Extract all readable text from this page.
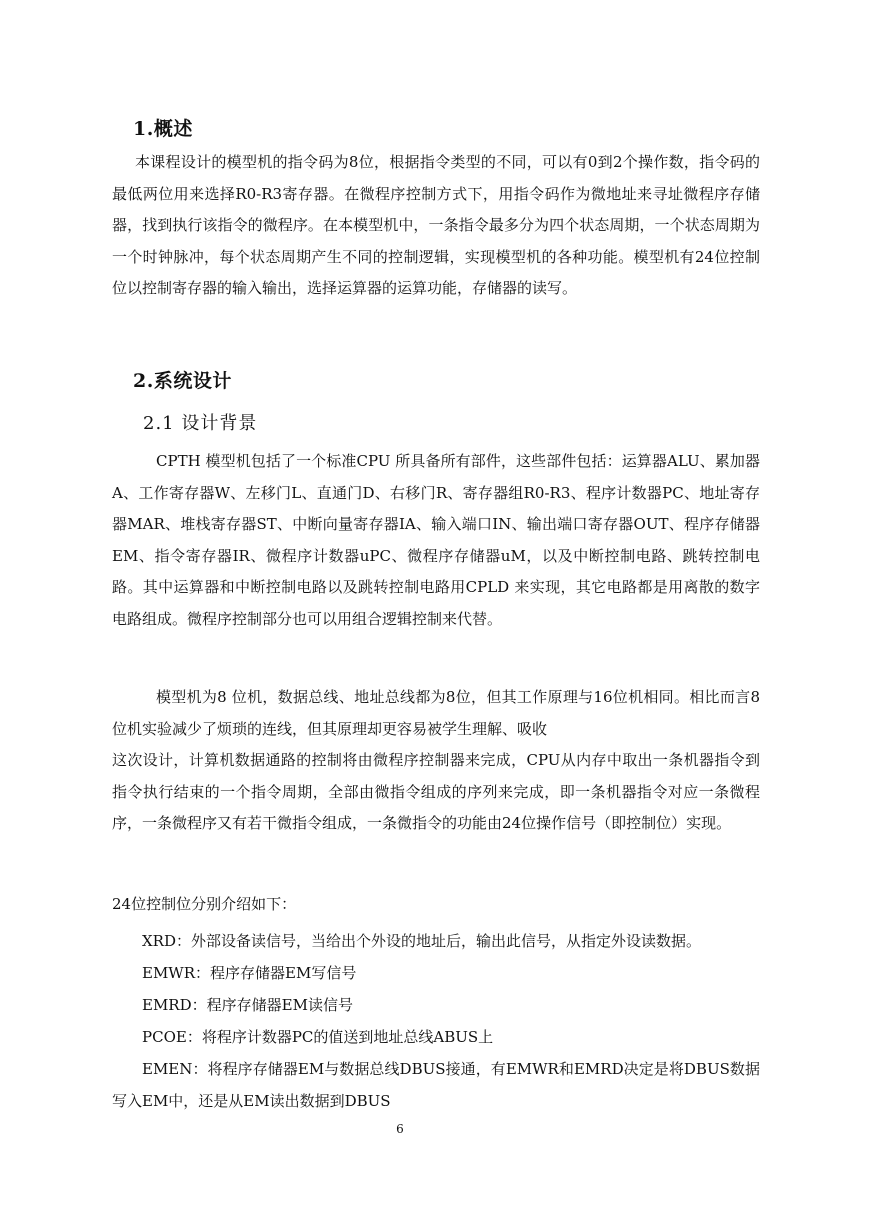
1.概述
本课程设计的模型机的指令码为8位，根据指令类型的不同，可以有0到2个操作数，指令码的最低两位用来选择R0-R3寄存器。在微程序控制方式下，用指令码作为微地址来寻址微程序存储器，找到执行该指令的微程序。在本模型机中，一条指令最多分为四个状态周期，一个状态周期为一个时钟脉冲，每个状态周期产生不同的控制逻辑，实现模型机的各种功能。模型机有24位控制位以控制寄存器的输入输出，选择运算器的运算功能，存储器的读写。
2.系统设计
2.1 设计背景
CPTH 模型机包括了一个标准CPU 所具备所有部件，这些部件包括：运算器ALU、累加器A、工作寄存器W、左移门L、直通门D、右移门R、寄存器组R0-R3、程序计数器PC、地址寄存器MAR、堆栈寄存器ST、中断向量寄存器IA、输入端口IN、输出端口寄存器OUT、程序存储器EM、指令寄存器IR、微程序计数器uPC、微程序存储器uM，以及中断控制电路、跳转控制电路。其中运算器和中断控制电路以及跳转控制电路用CPLD 来实现，其它电路都是用离散的数字电路组成。微程序控制部分也可以用组合逻辑控制来代替。
模型机为8 位机，数据总线、地址总线都为8位，但其工作原理与16位机相同。相比而言8 位机实验减少了烦琐的连线，但其原理却更容易被学生理解、吸收
这次设计，计算机数据通路的控制将由微程序控制器来完成，CPU从内存中取出一条机器指令到指令执行结束的一个指令周期，全部由微指令组成的序列来完成，即一条机器指令对应一条微程序，一条微程序又有若干微指令组成，一条微指令的功能由24位操作信号（即控制位）实现。
24位控制位分别介绍如下：
XRD：外部设备读信号，当给出个外设的地址后，输出此信号，从指定外设读数据。
EMWR：程序存储器EM写信号
EMRD：程序存储器EM读信号
PCOE：将程序计数器PC的值送到地址总线ABUS上
EMEN：将程序存储器EM与数据总线DBUS接通，有EMWR和EMRD决定是将DBUS数据写入EM中，还是从EM读出数据到DBUS
6
